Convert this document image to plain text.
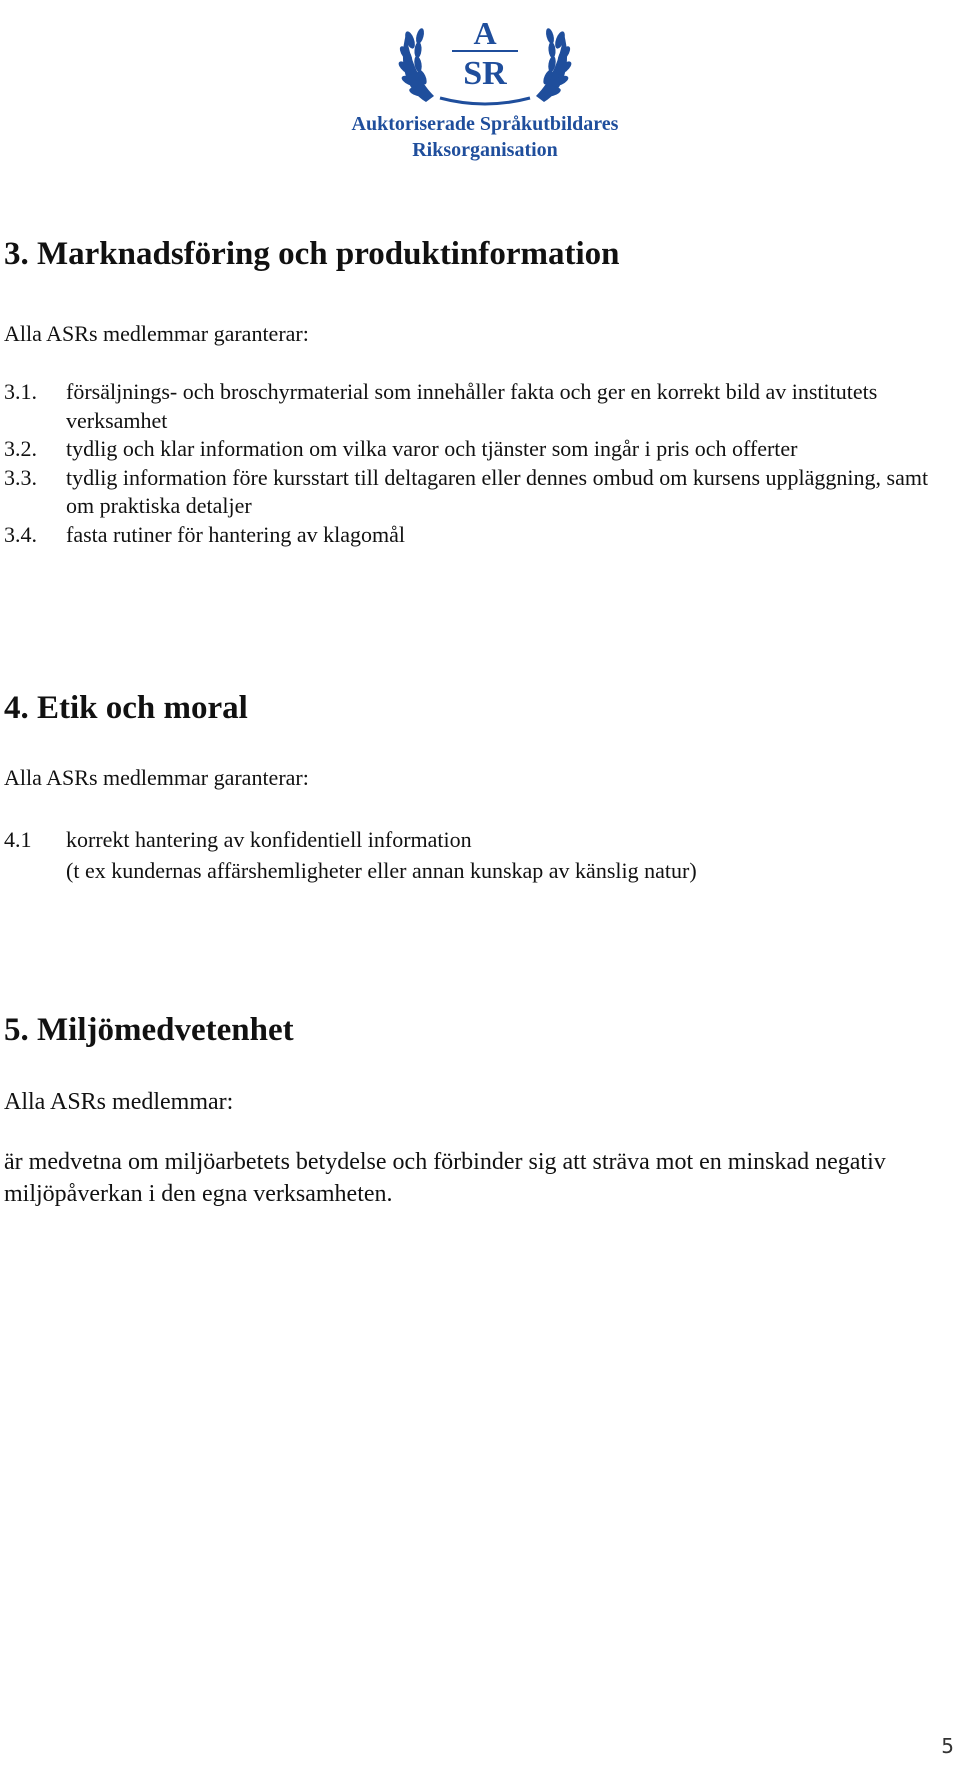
A
SR
Auktoriserade Språkutbildares
Riksorganisation
3. Marknadsföring och produktinformation

Alla ASRs medlemmar garanterar:

3.1. försäljnings- och broschyrmaterial som innehåller fakta och ger en korrekt bild av institutets verksamhet
3.2. tydlig och klar information om vilka varor och tjänster som ingår i pris och offerter
3.3. tydlig information före kursstart till deltagaren eller dennes ombud om kursens uppläggning, samt om praktiska detaljer
3.4. fasta rutiner för hantering av klagomål
4. Etik och moral

Alla ASRs medlemmar garanterar:

4.1 korrekt hantering av konfidentiell information
(t ex kundernas affärshemligheter eller annan kunskap av känslig natur)
5. Miljömedvetenhet

Alla ASRs medlemmar:

är medvetna om miljöarbetets betydelse och förbinder sig att sträva mot en minskad negativ miljöpåverkan i den egna verksamheten.

5
